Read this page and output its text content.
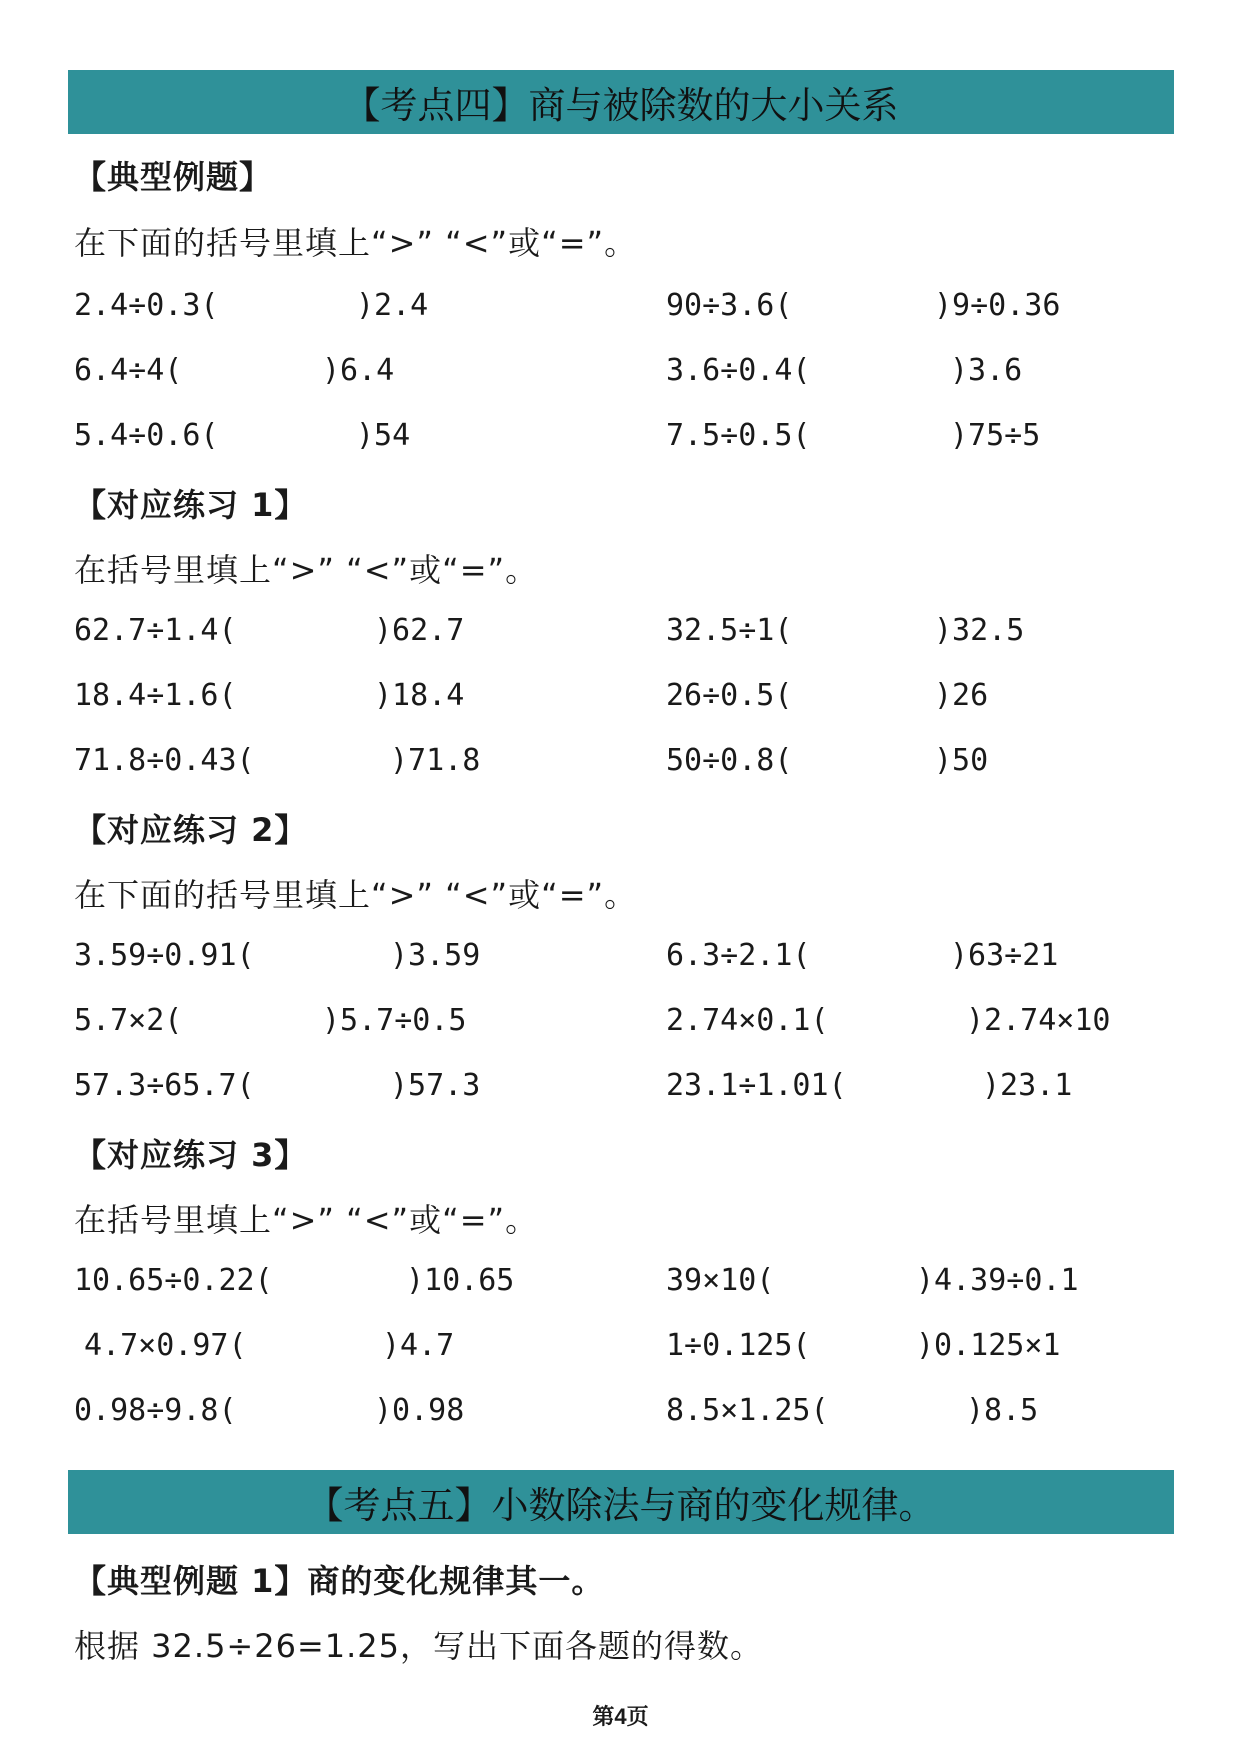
【考点四】商与被除数的大小关系
【典型例题】
在下面的括号里填上“>” “<”或“=”。
2.4÷0.3(	)2.4	90÷3.6(	)9÷0.36
6.4÷4(	)6.4	3.6÷0.4(	)3.6
5.4÷0.6(	)54	7.5÷0.5(	)75÷5
【对应练习 1】
在括号里填上“>” “<”或“=”。
62.7÷1.4(	)62.7	32.5÷1(	)32.5
18.4÷1.6(	)18.4	26÷0.5(	)26
71.8÷0.43(	)71.8	50÷0.8(	)50
【对应练习 2】
在下面的括号里填上“>” “<”或“=”。
3.59÷0.91(	)3.59	6.3÷2.1(	)63÷21
5.7×2(	)5.7÷0.5	2.74×0.1(	)2.74×10
57.3÷65.7(	)57.3	23.1÷1.01(	)23.1
【对应练习 3】
在括号里填上“>” “<”或“=”。
10.65÷0.22(	)10.65	39×10(	)4.39÷0.1
4.7×0.97(	)4.7	1÷0.125(	)0.125×1
0.98÷9.8(	)0.98	8.5×1.25(	)8.5
【考点五】小数除法与商的变化规律。
【典型例题 1】商的变化规律其一。
根据 32.5÷26=1.25，写出下面各题的得数。
第4页
